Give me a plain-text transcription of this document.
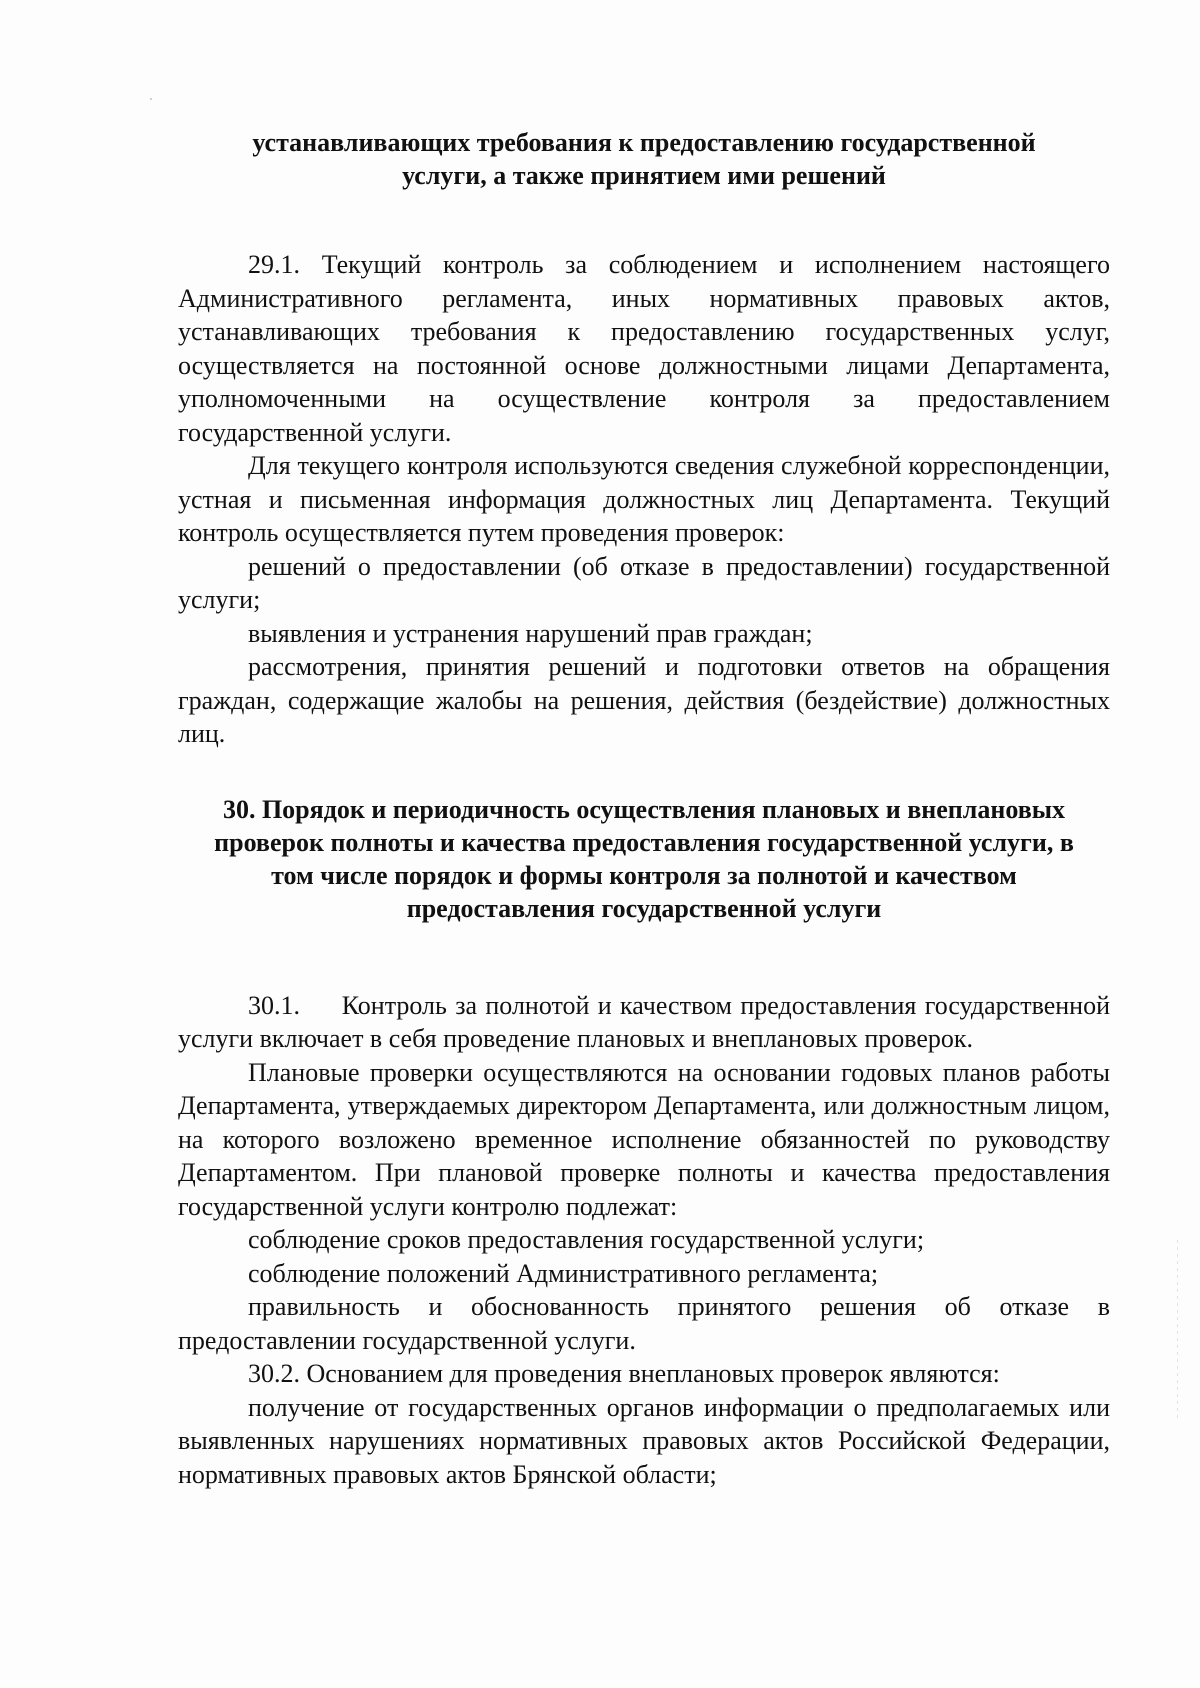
устанавливающих требования к предоставлению государственной
услуги, а также принятием ими решений

29.1. Текущий контроль за соблюдением и исполнением настоящего Административного регламента, иных нормативных правовых актов, устанавливающих требования к предоставлению государственных услуг, осуществляется на постоянной основе должностными лицами Департамента, уполномоченными на осуществление контроля за предоставлением государственной услуги.

Для текущего контроля используются сведения служебной корреспонденции, устная и письменная информация должностных лиц Департамента. Текущий контроль осуществляется путем проведения проверок:

решений о предоставлении (об отказе в предоставлении) государственной услуги;

выявления и устранения нарушений прав граждан;

рассмотрения, принятия решений и подготовки ответов на обращения граждан, содержащие жалобы на решения, действия (бездействие) должностных лиц.

30. Порядок и периодичность осуществления плановых и внеплановых
проверок полноты и качества предоставления государственной услуги, в
том числе порядок и формы контроля за полнотой и качеством
предоставления государственной услуги

30.1.     Контроль за полнотой и качеством предоставления государственной услуги включает в себя проведение плановых и внеплановых проверок.

Плановые проверки осуществляются на основании годовых планов работы Департамента, утверждаемых директором Департамента, или должностным лицом, на которого возложено временное исполнение обязанностей по руководству Департаментом. При плановой проверке полноты и качества предоставления государственной услуги контролю подлежат:

соблюдение сроков предоставления государственной услуги;

соблюдение положений Административного регламента;

правильность и обоснованность принятого решения об отказе в предоставлении государственной услуги.

30.2. Основанием для проведения внеплановых проверок являются:

получение от государственных органов информации о предполагаемых или выявленных нарушениях нормативных правовых актов Российской Федерации, нормативных правовых актов Брянской области;
